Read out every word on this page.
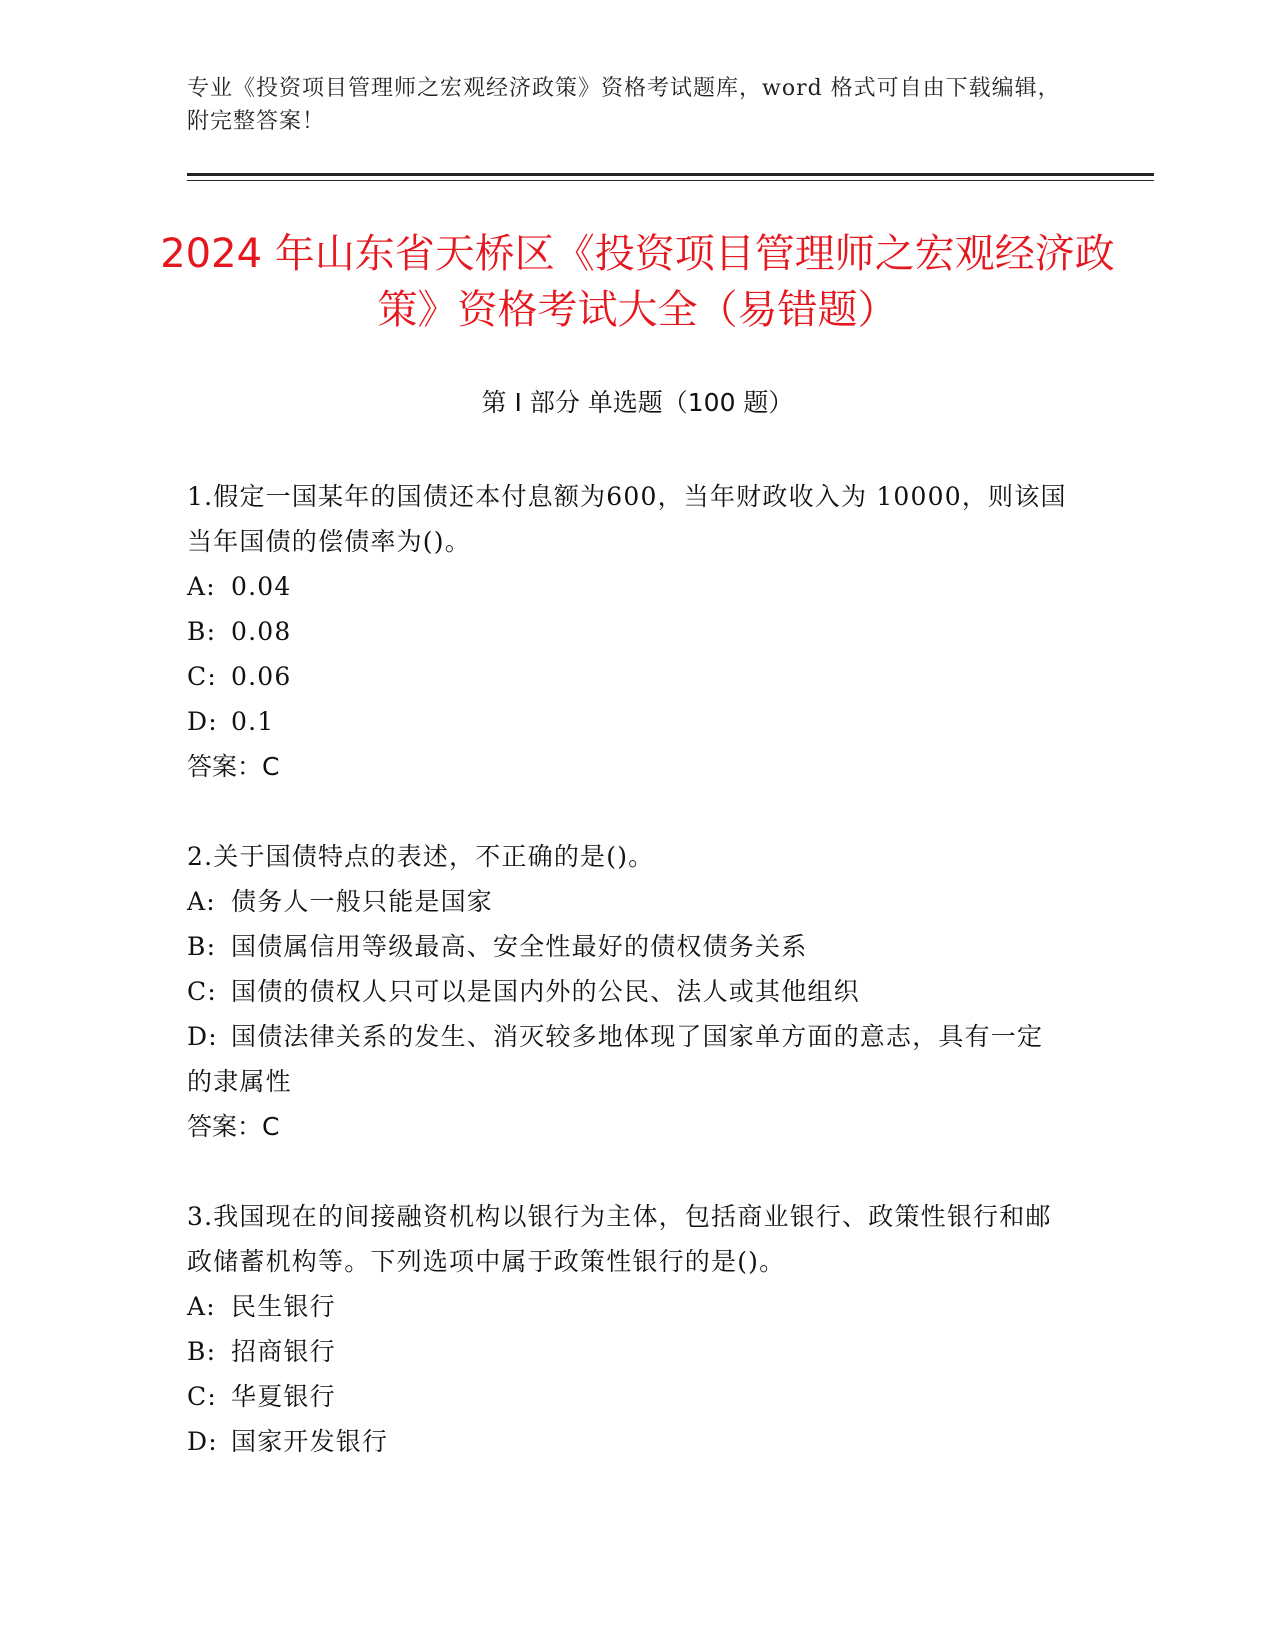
专业《投资项目管理师之宏观经济政策》资格考试题库，word 格式可自由下载编辑，附完整答案！
2024 年山东省天桥区《投资项目管理师之宏观经济政策》资格考试大全（易错题）
第 I 部分 单选题（100 题）

1.假定一国某年的国债还本付息额为600，当年财政收入为 10000，则该国当年国债的偿债率为()。

A: 0.04

B: 0.08

C: 0.06

D: 0.1

答案：C

2.关于国债特点的表述，不正确的是()。

A: 债务人一般只能是国家

B: 国债属信用等级最高、安全性最好的债权债务关系

C: 国债的债权人只可以是国内外的公民、法人或其他组织

D: 国债法律关系的发生、消灭较多地体现了国家单方面的意志，具有一定的隶属性

答案：C

3.我国现在的间接融资机构以银行为主体，包括商业银行、政策性银行和邮政储蓄机构等。下列选项中属于政策性银行的是()。

A: 民生银行

B: 招商银行

C: 华夏银行

D: 国家开发银行
